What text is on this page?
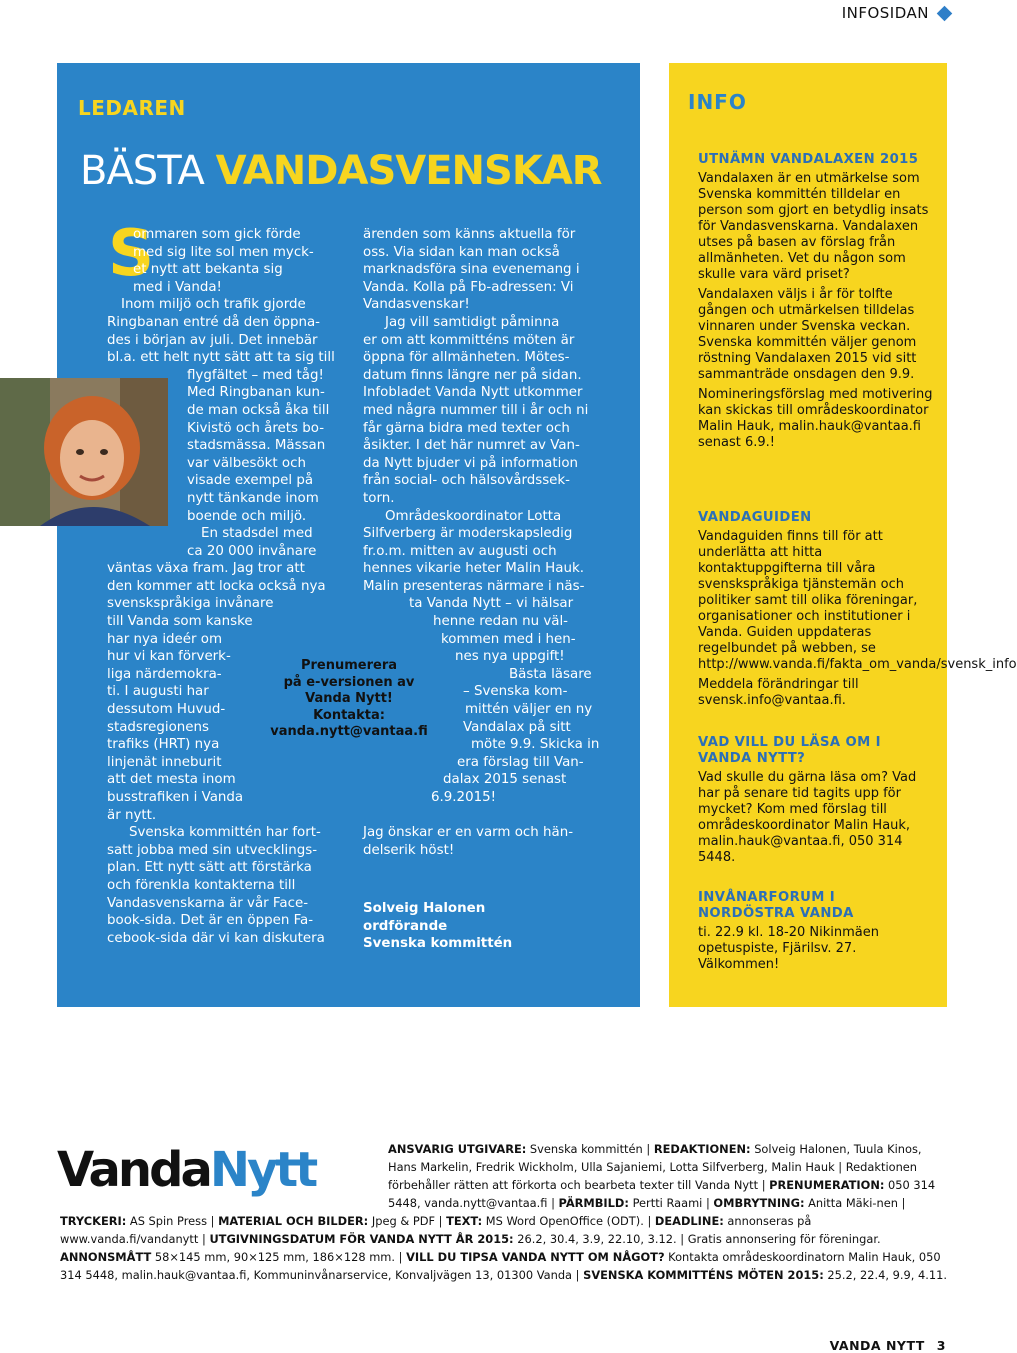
INFOSIDAN
LEDAREN
BÄSTA VANDASVENSKAR
S
ommaren som gick förde
med sig lite sol men myck-
et nytt att bekanta sig
med i Vanda!
Inom miljö och trafik gjorde
Ringbanan entré då den öppna-
des i början av juli. Det innebär
bl.a. ett helt nytt sätt att ta sig till
flygfältet – med tåg!
Med Ringbanan kun-
de man också åka till
Kivistö och årets bo-
stadsmässa. Mässan
var välbesökt och
visade exempel på
nytt tänkande inom
boende och miljö.
En stadsdel med
ca 20 000 invånare
väntas växa fram. Jag tror att
den kommer att locka också nya
svenskspråkiga invånare
till Vanda som kanske
har nya ideér om
hur vi kan förverk-
liga närdemokra-
ti. I augusti har
dessutom Huvud-
stadsregionens
trafiks (HRT) nya
linjenät inneburit
att det mesta inom
busstrafiken i Vanda
är nytt.
Svenska kommittén har fort-
satt jobba med sin utvecklings-
plan. Ett nytt sätt att förstärka
och förenkla kontakterna till
Vandasvenskarna är vår Face-
book-sida. Det är en öppen Fa-
cebook-sida där vi kan diskutera
ärenden som känns aktuella för
oss. Via sidan kan man också
marknadsföra sina evenemang i
Vanda. Kolla på Fb-adressen: Vi
Vandasvenskar!
Jag vill samtidigt påminna
er om att kommitténs möten är
öppna för allmänheten. Mötes-
datum finns längre ner på sidan.
Infobladet Vanda Nytt utkommer
med några nummer till i år och ni
får gärna bidra med texter och
åsikter. I det här numret av Van-
da Nytt bjuder vi på information
från social- och hälsovårdssek-
torn.
Områdeskoordinator Lotta
Silfverberg är moderskapsledig
fr.o.m. mitten av augusti och
hennes vikarie heter Malin Hauk.
Malin presenteras närmare i näs-
ta Vanda Nytt – vi hälsar
henne redan nu väl-
kommen med i hen-
nes nya uppgift!
Bästa läsare
– Svenska kom-
mittén väljer en ny
Vandalax på sitt
möte 9.9. Skicka in
era förslag till Van-
dalax 2015 senast
6.9.2015!

Jag önskar er en varm och hän-
delserik höst!
Prenumerera
på e-versionen av
Vanda Nytt!
Kontakta:
vanda.nytt@vantaa.fi
Solveig Halonen
ordförande
Svenska kommittén
INFO
UTNÄMN VANDALAXEN 2015

Vandalaxen är en utmärkelse som Svenska kommittén tilldelar en person som gjort en betydlig insats för Vandasvenskarna. Vandalaxen utses på basen av förslag från allmänheten. Vet du någon som skulle vara värd priset?

Vandalaxen väljs i år för tolfte gången och utmärkelsen tilldelas vinnaren under Svenska veckan. Svenska kommittén väljer genom röstning Vandalaxen 2015 vid sitt sammanträde onsdagen den 9.9.

Nomineringsförslag med motivering kan skickas till områdeskoordinator Malin Hauk, malin.hauk@vantaa.fi senast 6.9.!

VANDAGUIDEN

Vandaguiden finns till för att underlätta att hitta kontaktuppgifterna till våra svenskspråkiga tjänstemän och politiker samt till olika föreningar, organisationer och institutioner i Vanda. Guiden uppdateras regelbundet på webben, se http://www.vanda.fi/fakta_om_vanda/svensk_info

Meddela förändringar till svensk.info@vantaa.fi.

VAD VILL DU LÄSA OM I VANDA NYTT?

Vad skulle du gärna läsa om? Vad har på senare tid tagits upp för mycket? Kom med förslag till områdeskoordinator Malin Hauk, malin.hauk@vantaa.fi, 050 314 5448.

INVÅNARFORUM I NORDÖSTRA VANDA

ti. 22.9 kl. 18-20 Nikinmäen opetuspiste, Fjärilsv. 27. Välkommen!

VandaNytt	ANSVARIG UTGIVARE: Svenska kommittén | REDAKTIONEN: Solveig Halonen, Tuula Kinos, Hans Markelin, Fredrik Wickholm, Ulla Sajaniemi, Lotta Silfverberg, Malin Hauk | Redaktionen förbehåller rätten att förkorta och bearbeta texter till Vanda Nytt | PRENUMERATION: 050 314 5448, vanda.nytt@vantaa.fi | PÄRMBILD: Pertti Raami | OMBRYTNING: Anitta Mäki-nen | TRYCKERI: AS Spin Press | MATERIAL OCH BILDER: Jpeg & PDF | TEXT: MS Word OpenOffice (ODT). | DEADLINE: annonseras på www.vanda.fi/vandanytt | UTGIVNINGSDATUM FÖR VANDA NYTT ÅR 2015: 26.2, 30.4, 3.9, 22.10, 3.12. | Gratis annonsering för föreningar. ANNONSMÅTT 58×145 mm, 90×125 mm, 186×128 mm. | VILL DU TIPSA VANDA NYTT OM NÅGOT? Kontakta områdeskoordinatorn Malin Hauk, 050 314 5448, malin.hauk@vantaa.fi, Kommuninvånarservice, Konvaljvägen 13, 01300 Vanda | SVENSKA KOMMITTÉNS MÖTEN 2015: 25.2, 22.4, 9.9, 4.11.
VANDA NYTT 3
